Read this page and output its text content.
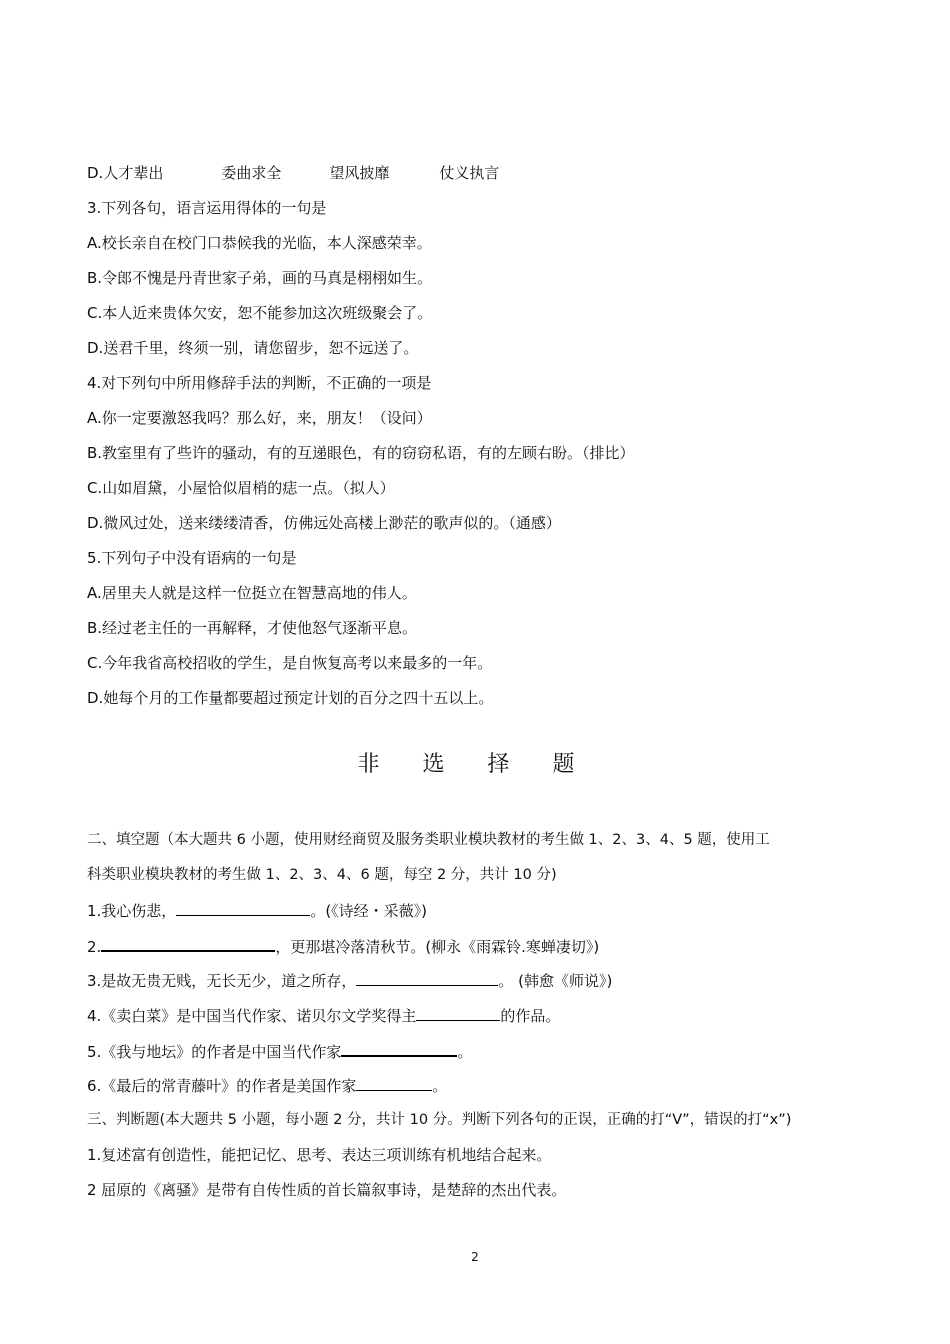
D.人才辈出	委曲求全	望风披靡	仗义执言
3.下列各句，语言运用得体的一句是
A.校长亲自在校门口恭候我的光临，本人深感荣幸。
B.令郎不愧是丹青世家子弟，画的马真是栩栩如生。
C.本人近来贵体欠安，恕不能参加这次班级聚会了。
D.送君千里，终须一别，请您留步，恕不远送了。
4.对下列句中所用修辞手法的判断，不正确的一项是
A.你一定要激怒我吗？那么好，来，朋友！（设问）
B.教室里有了些许的骚动，有的互递眼色，有的窃窃私语，有的左顾右盼。（排比）
C.山如眉黛，小屋恰似眉梢的痣一点。（拟人）
D.微风过处，送来缕缕清香，仿佛远处高楼上渺茫的歌声似的。（通感）
5.下列句子中没有语病的一句是
A.居里夫人就是这样一位挺立在智慧高地的伟人。
B.经过老主任的一再解释，才使他怒气逐渐平息。
C.今年我省高校招收的学生，是自恢复高考以来最多的一年。
D.她每个月的工作量都要超过预定计划的百分之四十五以上。
非 选 择 题
二、填空题（本大题共 6 小题，使用财经商贸及服务类职业模块教材的考生做 1、2、3、4、5 题，使用工
科类职业模块教材的考生做 1、2、3、4、6 题，每空 2 分，共计 10 分)
1.我心伤悲，	。(《诗经・采薇》)
2.	，更那堪冷落清秋节。(柳永《雨霖铃.寒蝉凄切》)
3.是故无贵无贱，无长无少，道之所存，	。 (韩愈《师说》)
4.《卖白菜》是中国当代作家、诺贝尔文学奖得主	的作品。
5.《我与地坛》的作者是中国当代作家	。
6.《最后的常青藤叶》的作者是美国作家	。
三、判断题(本大题共 5 小题，每小题 2 分，共计 10 分。判断下列各句的正误，正确的打“V”，错误的打“x”)
1.复述富有创造性，能把记忆、思考、表达三项训练有机地结合起来。
2 屈原的《离骚》是带有自传性质的首长篇叙事诗，是楚辞的杰出代表。
2
